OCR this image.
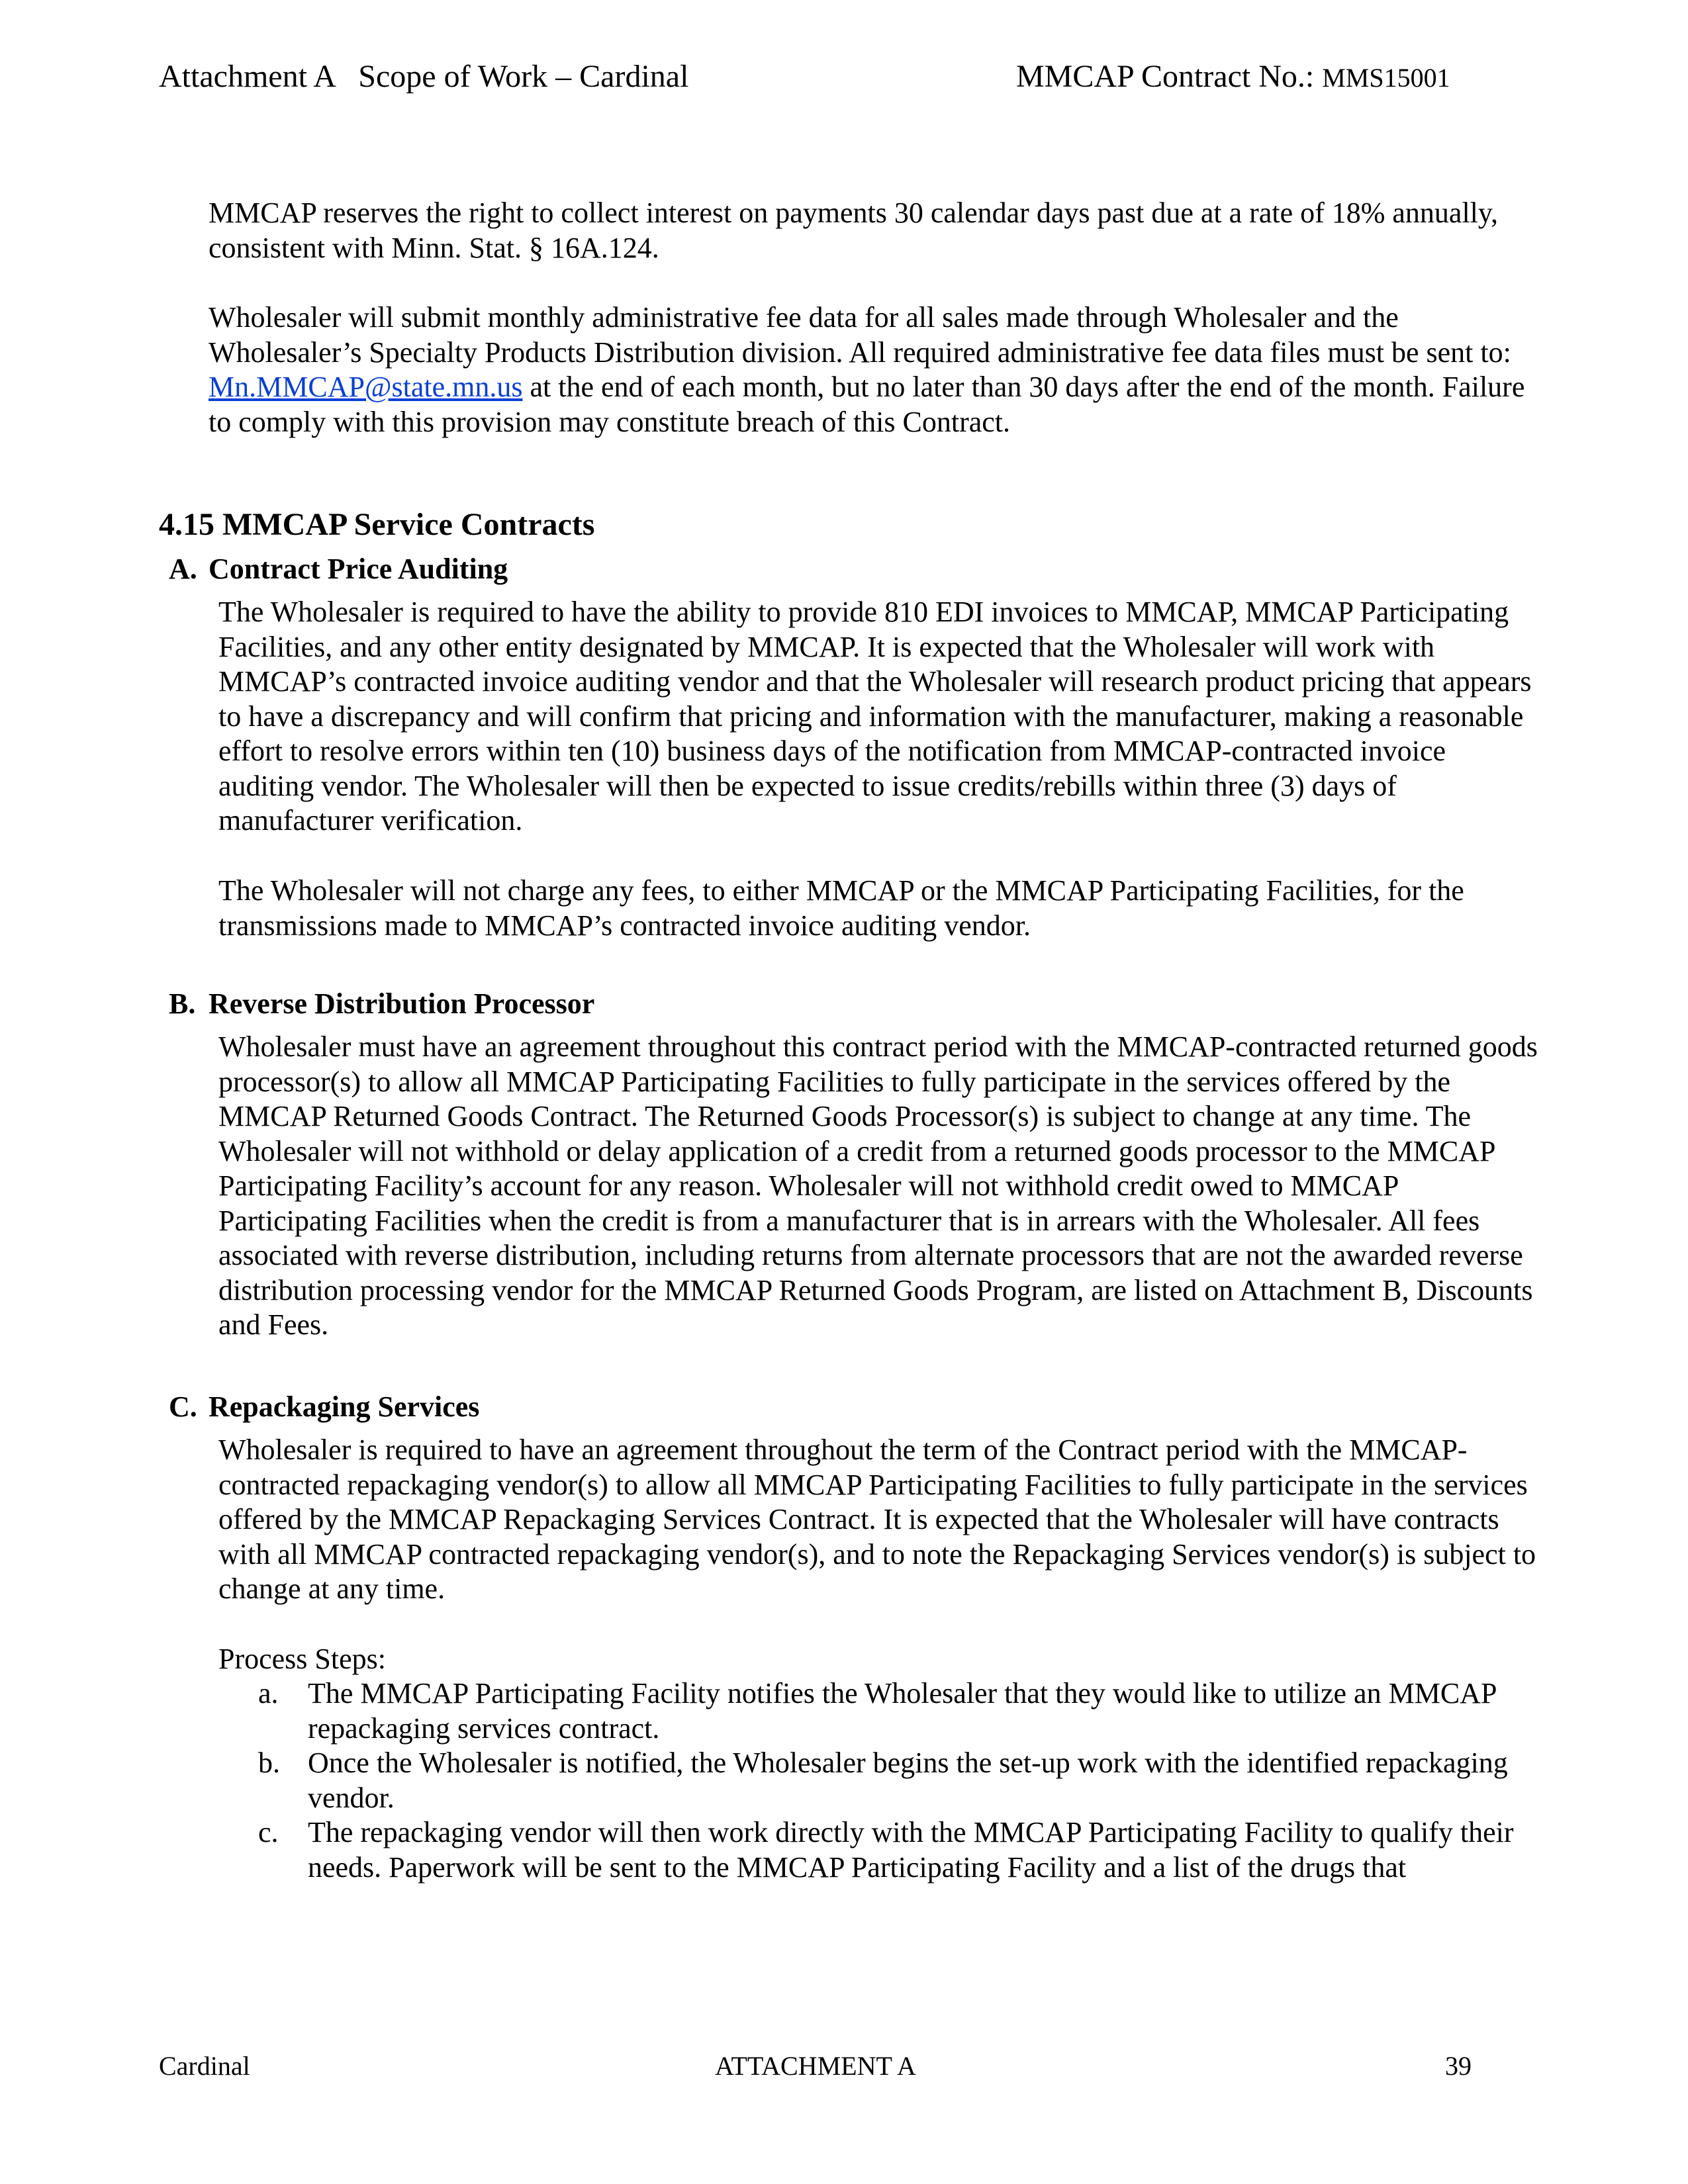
Attachment A   Scope of Work – Cardinal	MMCAP Contract No.: MMS15001

MMCAP reserves the right to collect interest on payments 30 calendar days past due at a rate of 18% annually, consistent with Minn. Stat. § 16A.124.

Wholesaler will submit monthly administrative fee data for all sales made through Wholesaler and the Wholesaler’s Specialty Products Distribution division. All required administrative fee data files must be sent to: Mn.MMCAP@state.mn.us at the end of each month, but no later than 30 days after the end of the month. Failure to comply with this provision may constitute breach of this Contract.

4.15 MMCAP Service Contracts
A. Contract Price Auditing

The Wholesaler is required to have the ability to provide 810 EDI invoices to MMCAP, MMCAP Participating Facilities, and any other entity designated by MMCAP. It is expected that the Wholesaler will work with MMCAP’s contracted invoice auditing vendor and that the Wholesaler will research product pricing that appears to have a discrepancy and will confirm that pricing and information with the manufacturer, making a reasonable effort to resolve errors within ten (10) business days of the notification from MMCAP-contracted invoice auditing vendor. The Wholesaler will then be expected to issue credits/rebills within three (3) days of manufacturer verification.

The Wholesaler will not charge any fees, to either MMCAP or the MMCAP Participating Facilities, for the transmissions made to MMCAP’s contracted invoice auditing vendor.

B. Reverse Distribution Processor

Wholesaler must have an agreement throughout this contract period with the MMCAP-contracted returned goods processor(s) to allow all MMCAP Participating Facilities to fully participate in the services offered by the MMCAP Returned Goods Contract. The Returned Goods Processor(s) is subject to change at any time. The Wholesaler will not withhold or delay application of a credit from a returned goods processor to the MMCAP Participating Facility’s account for any reason. Wholesaler will not withhold credit owed to MMCAP Participating Facilities when the credit is from a manufacturer that is in arrears with the Wholesaler. All fees associated with reverse distribution, including returns from alternate processors that are not the awarded reverse distribution processing vendor for the MMCAP Returned Goods Program, are listed on Attachment B, Discounts and Fees.

C. Repackaging Services

Wholesaler is required to have an agreement throughout the term of the Contract period with the MMCAP-contracted repackaging vendor(s) to allow all MMCAP Participating Facilities to fully participate in the services offered by the MMCAP Repackaging Services Contract. It is expected that the Wholesaler will have contracts with all MMCAP contracted repackaging vendor(s), and to note the Repackaging Services vendor(s) is subject to change at any time.

Process Steps:

a. The MMCAP Participating Facility notifies the Wholesaler that they would like to utilize an MMCAP repackaging services contract.
b. Once the Wholesaler is notified, the Wholesaler begins the set-up work with the identified repackaging vendor.
c. The repackaging vendor will then work directly with the MMCAP Participating Facility to qualify their needs. Paperwork will be sent to the MMCAP Participating Facility and a list of the drugs that
Cardinal	ATTACHMENT A	39
